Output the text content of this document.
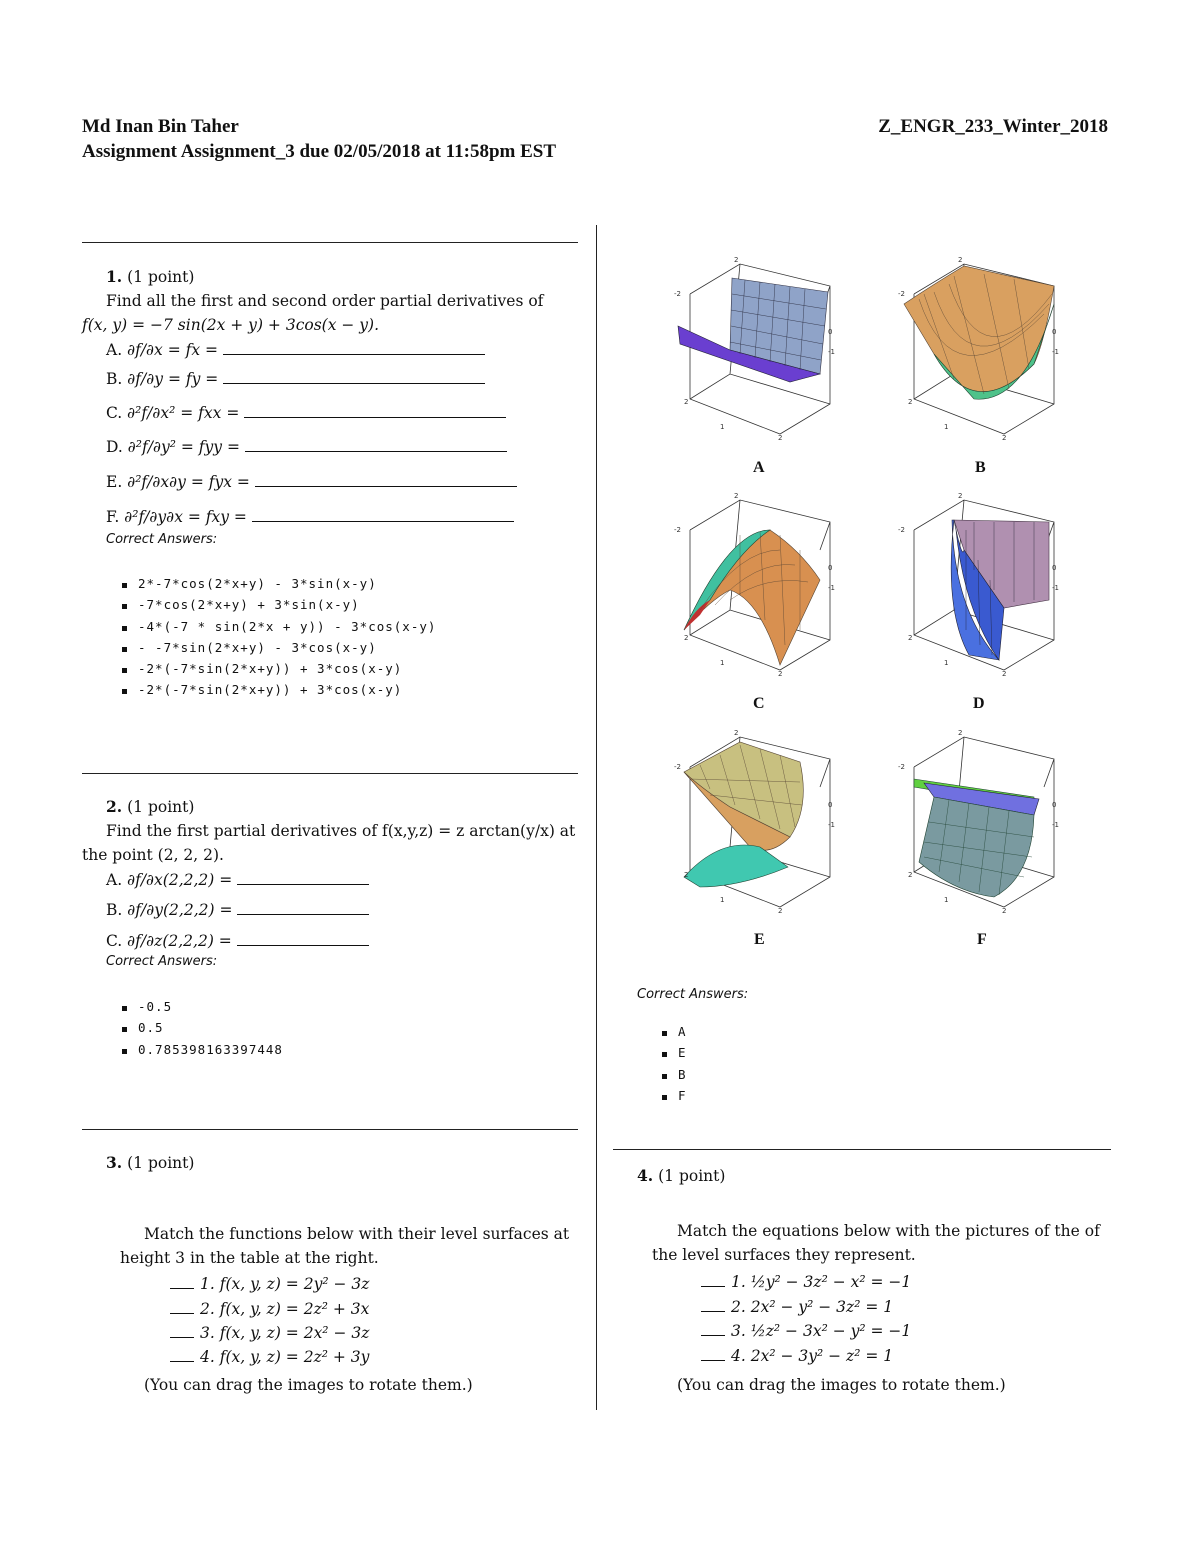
Md Inan Bin Taher	Z_ENGR_233_Winter_2018
Assignment Assignment_3 due 02/05/2018 at 11:58pm EST
1. (1 point)
Find all the first and second order partial derivatives of
f(x, y) = −7 sin(2x + y) + 3cos(x − y).
A. ∂f/∂x = fx =
B. ∂f/∂y = fy =
C. ∂²f/∂x² = fxx =
D. ∂²f/∂y² = fyy =
E. ∂²f/∂x∂y = fyx =
F. ∂²f/∂y∂x = fxy =
Correct Answers:
2*-7*cos(2*x+y) - 3*sin(x-y)
-7*cos(2*x+y) + 3*sin(x-y)
-4*(-7 * sin(2*x + y)) - 3*cos(x-y)
- -7*sin(2*x+y) - 3*cos(x-y)
-2*(-7*sin(2*x+y)) + 3*cos(x-y)
-2*(-7*sin(2*x+y)) + 3*cos(x-y)
2. (1 point)
Find the first partial derivatives of f(x,y,z) = z arctan(y/x) at
the point (2, 2, 2).
A. ∂f/∂x(2,2,2) =
B. ∂f/∂y(2,2,2) =
C. ∂f/∂z(2,2,2) =
Correct Answers:
-0.5
0.5
0.785398163397448
3. (1 point)
Match the functions below with their level surfaces at
height 3 in the table at the right.
1. f(x, y, z) = 2y² − 3z
2. f(x, y, z) = 2z² + 3x
3. f(x, y, z) = 2x² − 3z
4. f(x, y, z) = 2z² + 3y
(You can drag the images to rotate them.)
-2
0
-1
2
1
2
2
A
-2
0
-1
2
1
2
2
B
-2
0
-1
2
1
2
2
C
-2
0
-1
2
1
2
2
D
-2
0
-1
2
1
2
2
E
-2
0
-1
2
1
2
2
F
Correct Answers:
A
E
B
F
4. (1 point)
Match the equations below with the pictures of the of
the level surfaces they represent.
1. ½y² − 3z² − x² = −1
2. 2x² − y² − 3z² = 1
3. ½z² − 3x² − y² = −1
4. 2x² − 3y² − z² = 1
(You can drag the images to rotate them.)
